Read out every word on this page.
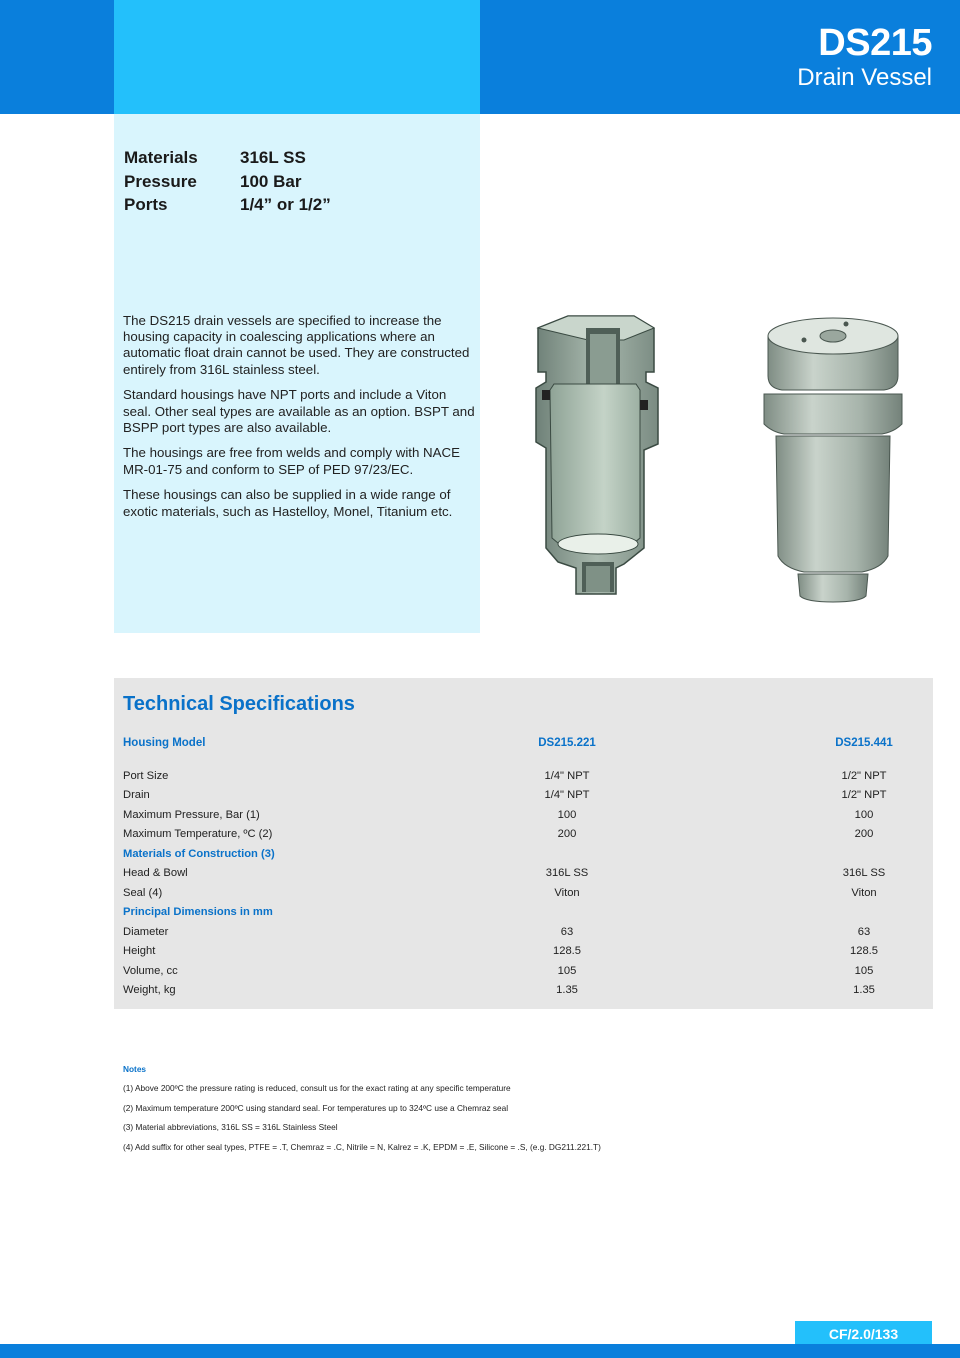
DS215
Drain Vessel
Materials	316L SS
Pressure	100 Bar
Ports	1/4” or 1/2”

The DS215 drain vessels are specified to increase the housing capacity in coalescing applications where an automatic float drain cannot be used. They are constructed entirely from 316L stainless steel.

Standard housings have NPT ports and include a Viton seal. Other seal types are available as an option. BSPT and BSPP port types are also available.

The housings are free from welds and comply with NACE MR-01-75 and conform to SEP of PED 97/23/EC.

These housings can also be supplied in a wide range of exotic materials, such as Hastelloy, Monel, Titanium etc.

Technical Specifications
Housing Model	DS215.221	DS215.441

Port Size	1/4" NPT	1/2" NPT
Drain	1/4" NPT	1/2" NPT
Maximum Pressure, Bar (1)	100	100
Maximum Temperature, ºC (2)	200	200
Materials of Construction (3)		
Head & Bowl	316L SS	316L SS
Seal (4)	Viton	Viton
Principal Dimensions in mm		
Diameter	63	63
Height	128.5	128.5
Volume, cc	105	105
Weight, kg	1.35	1.35
Notes
(1) Above 200ºC the pressure rating is reduced, consult us for the exact rating at any specific temperature
(2) Maximum temperature 200ºC using standard seal. For temperatures up to 324ºC use a Chemraz seal
(3) Material abbreviations, 316L SS = 316L Stainless Steel
(4) Add suffix for other seal types, PTFE = .T, Chemraz = .C, Nitrile = N, Kalrez = .K, EPDM = .E, Silicone = .S, (e.g. DG211.221.T)
CF/2.0/133
